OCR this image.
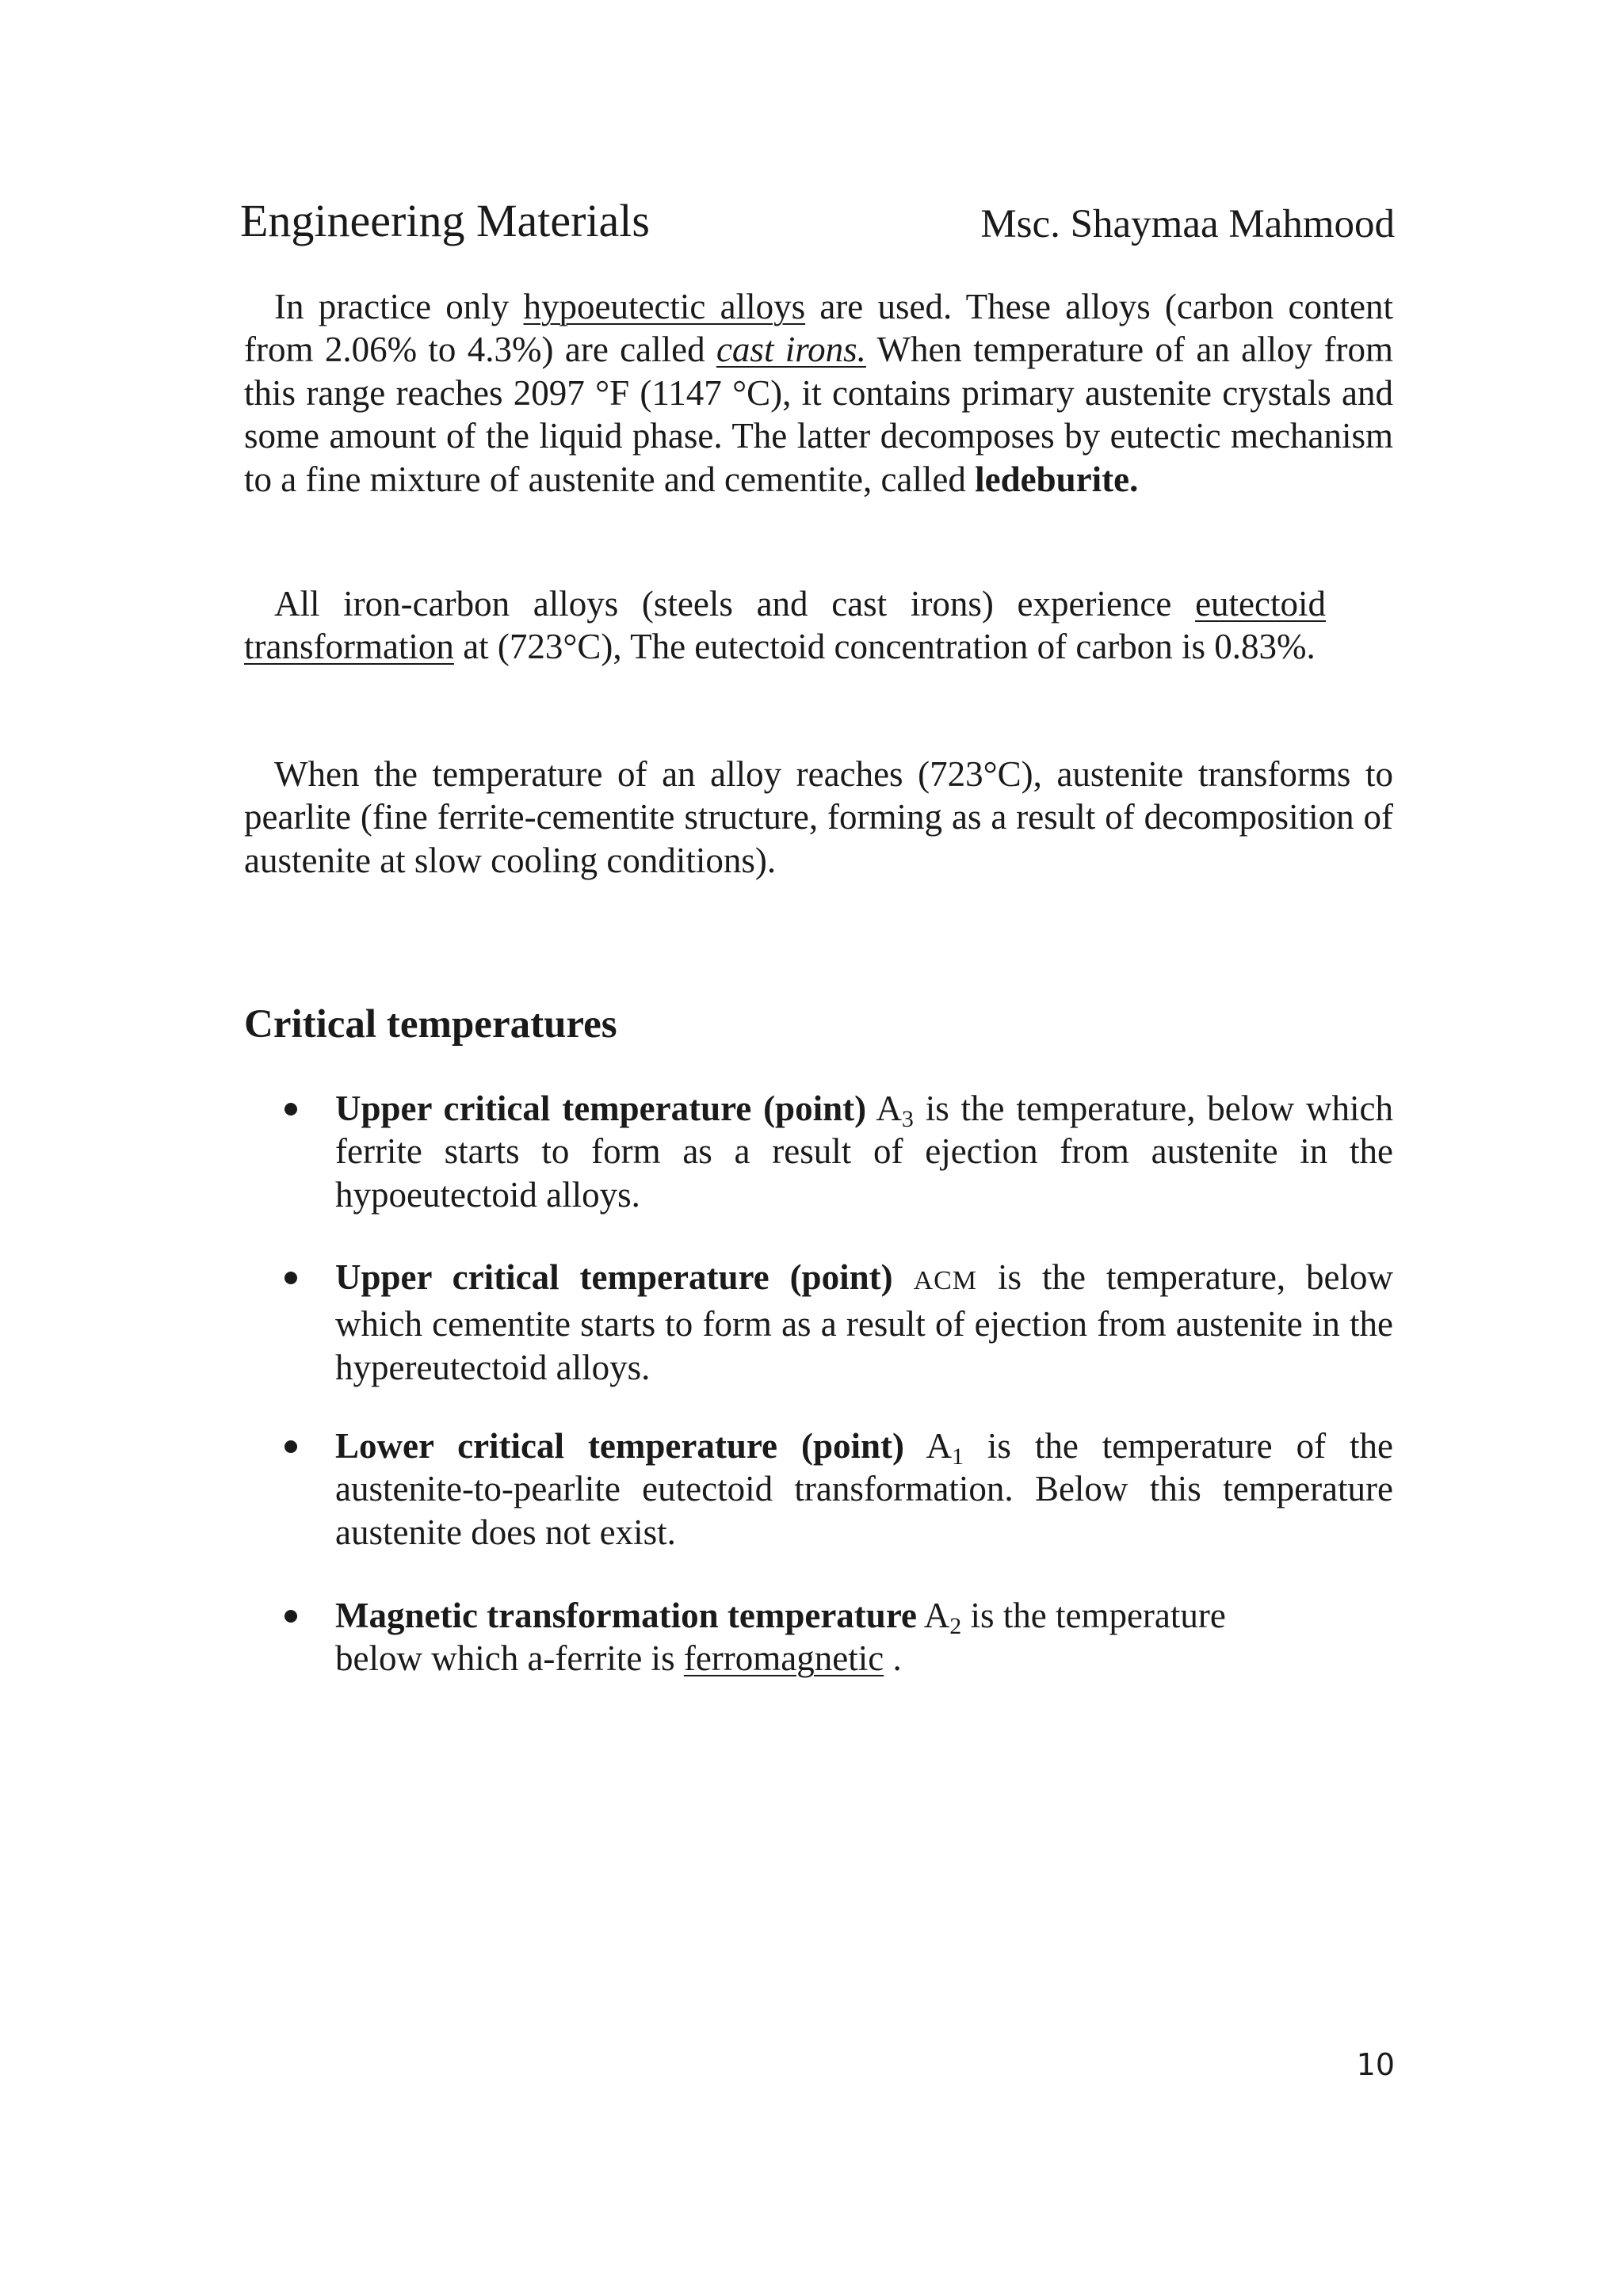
Engineering Materials	Msc. Shaymaa Mahmood
In practice only hypoeutectic alloys are used. These alloys (carbon content from 2.06% to 4.3%) are called cast irons. When temperature of an alloy from this range reaches 2097 °F (1147 °C), it contains primary austenite crystals and some amount of the liquid phase. The latter decomposes by eutectic mechanism to a fine mixture of austenite and cementite, called ledeburite.
All iron-carbon alloys (steels and cast irons) experience eutectoid transformation at (723°C), The eutectoid concentration of carbon is 0.83%.
When the temperature of an alloy reaches (723°C), austenite transforms to pearlite (fine ferrite-cementite structure, forming as a result of decomposition of austenite at slow cooling conditions).
Critical temperatures
Upper critical temperature (point) $A_3$ is the temperature, below which ferrite starts to form as a result of ejection from austenite in the hypoeutectoid alloys.
Upper critical temperature (point) ACM is the temperature, below which cementite starts to form as a result of ejection from austenite in the hypereutectoid alloys.
Lower critical temperature (point) $A_1$ is the temperature of the austenite-to-pearlite eutectoid transformation. Below this temperature austenite does not exist.
Magnetic transformation temperature $A_2$ is the temperature below which a-ferrite is ferromagnetic .
10
